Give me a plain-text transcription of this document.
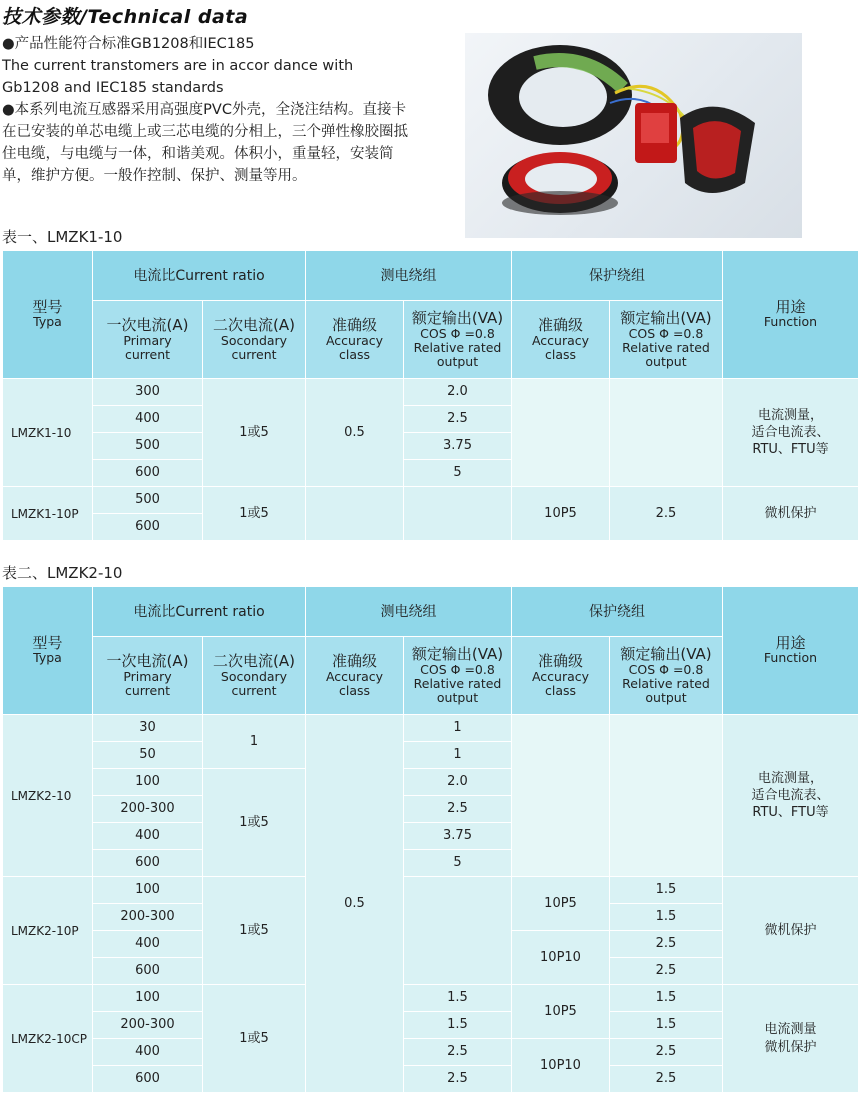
技术参数/Technical data

●产品性能符合标准GB1208和IEC185

The current transtomers are in accor dance with Gb1208 and IEC185 standards

●本系列电流互感器采用高强度PVC外壳，全浇注结构。直接卡在已安装的单芯电缆上或三芯电缆的分相上，三个弹性橡胶圈抵住电缆，与电缆与一体，和谐美观。体积小，重量轻，安装简单，维护方便。一般作控制、保护、测量等用。

表一、LMZK1-10
型号
Typa	电流比Current ratio		测电绕组		保护绕组		用途
Function

	一次电流(A)
Primary
current	二次电流(A)
Socondary
current	准确级
Accuracy
class	额定输出(VA)
COS Φ =0.8
Relative rated
output	准确级
Accuracy
class	额定输出(VA)
COS Φ =0.8
Relative rated
output	

LMZK1-10	300	1或5	0.5	2.0			电流测量，
适合电流表、
RTU、FTU等
	400			2.5			
	500			3.75			
	600			5			
LMZK1-10P	500	1或5			10P5	2.5	微机保护
	600						
表二、LMZK2-10
型号
Typa	电流比Current ratio		测电绕组		保护绕组		用途
Function

	一次电流(A)
Primary
current	二次电流(A)
Socondary
current	准确级
Accuracy
class	额定输出(VA)
COS Φ =0.8
Relative rated
output	准确级
Accuracy
class	额定输出(VA)
COS Φ =0.8
Relative rated
output	

LMZK2-10	30	1	0.5	1			电流测量，
适合电流表、
RTU、FTU等
	50			1			
	100	1或5		2.0			
	200-300			2.5			
	400			3.75			
	600			5			
LMZK2-10P	100	1或5			10P5	1.5	微机保护
	200-300					1.5	
	400				10P10	2.5	
	600					2.5	
LMZK2-10CP	100	1或5		1.5	10P5	1.5	电流测量
微机保护
	200-300			1.5		1.5	
	400			2.5	10P10	2.5	
	600			2.5		2.5	
